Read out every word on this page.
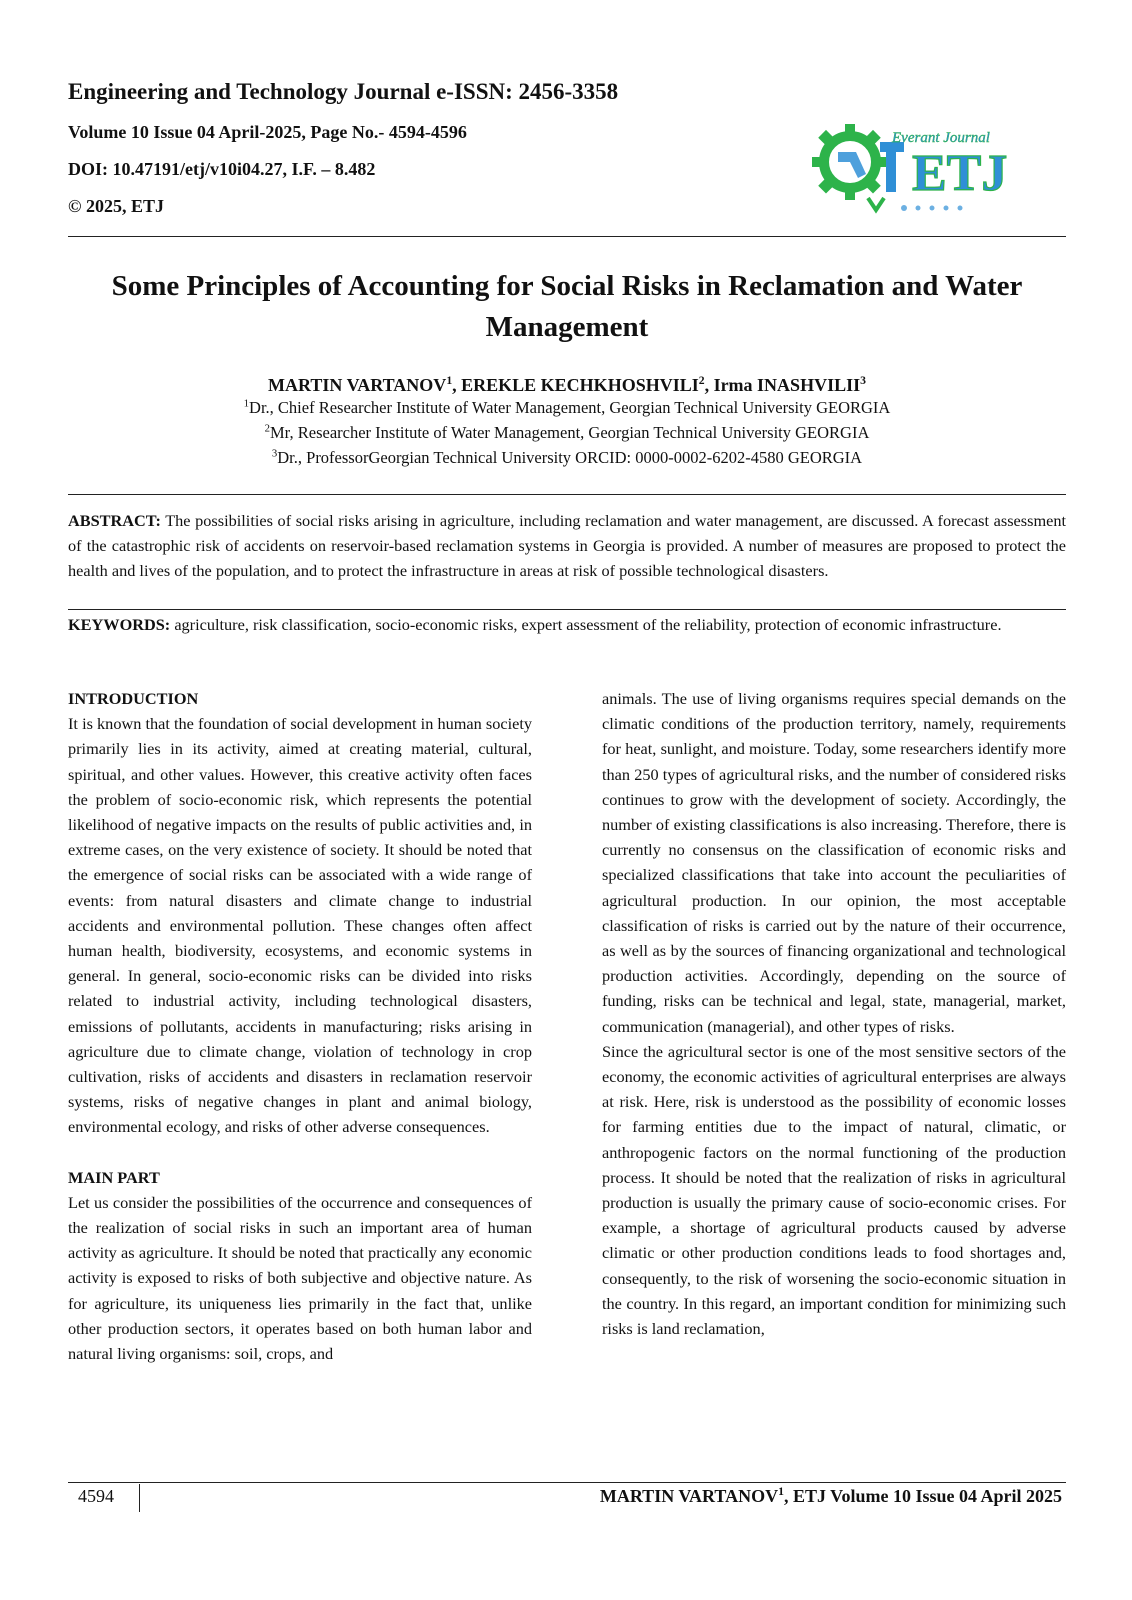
Engineering and Technology Journal e-ISSN: 2456-3358
Volume 10 Issue 04 April-2025, Page No.- 4594-4596
DOI: 10.47191/etj/v10i04.27, I.F. – 8.482
© 2025, ETJ
Everant Journal
ETJ
Some Principles of Accounting for Social Risks in Reclamation and Water
Management
MARTIN VARTANOV$^1$, EREKLE KECHKHOSHVILI$^2$, Irma INASHVILII$^3$
$^1$Dr., Chief Researcher Institute of Water Management, Georgian Technical University GEORGIA
$^2$Mr, Researcher Institute of Water Management, Georgian Technical University GEORGIA
$^3$Dr., ProfessorGeorgian Technical University ORCID: 0000-0002-6202-4580 GEORGIA
ABSTRACT: The possibilities of social risks arising in agriculture, including reclamation and water management, are discussed. A forecast assessment of the catastrophic risk of accidents on reservoir-based reclamation systems in Georgia is provided. A number of measures are proposed to protect the health and lives of the population, and to protect the infrastructure in areas at risk of possible technological disasters.
KEYWORDS: agriculture, risk classification, socio-economic risks, expert assessment of the reliability, protection of economic infrastructure.

INTRODUCTION

It is known that the foundation of social development in human society primarily lies in its activity, aimed at creating material, cultural, spiritual, and other values. However, this creative activity often faces the problem of socio-economic risk, which represents the potential likelihood of negative impacts on the results of public activities and, in extreme cases, on the very existence of society. It should be noted that the emergence of social risks can be associated with a wide range of events: from natural disasters and climate change to industrial accidents and environmental pollution. These changes often affect human health, biodiversity, ecosystems, and economic systems in general. In general, socio-economic risks can be divided into risks related to industrial activity, including technological disasters, emissions of pollutants, accidents in manufacturing; risks arising in agriculture due to climate change, violation of technology in crop cultivation, risks of accidents and disasters in reclamation reservoir systems, risks of negative changes in plant and animal biology, environmental ecology, and risks of other adverse consequences.

MAIN PART

Let us consider the possibilities of the occurrence and consequences of the realization of social risks in such an important area of human activity as agriculture. It should be noted that practically any economic activity is exposed to risks of both subjective and objective nature. As for agriculture, its uniqueness lies primarily in the fact that, unlike other production sectors, it operates based on both human labor and natural living organisms: soil, crops, and

animals. The use of living organisms requires special demands on the climatic conditions of the production territory, namely, requirements for heat, sunlight, and moisture. Today, some researchers identify more than 250 types of agricultural risks, and the number of considered risks continues to grow with the development of society. Accordingly, the number of existing classifications is also increasing. Therefore, there is currently no consensus on the classification of economic risks and specialized classifications that take into account the peculiarities of agricultural production. In our opinion, the most acceptable classification of risks is carried out by the nature of their occurrence, as well as by the sources of financing organizational and technological production activities. Accordingly, depending on the source of funding, risks can be technical and legal, state, managerial, market, communication (managerial), and other types of risks.

Since the agricultural sector is one of the most sensitive sectors of the economy, the economic activities of agricultural enterprises are always at risk. Here, risk is understood as the possibility of economic losses for farming entities due to the impact of natural, climatic, or anthropogenic factors on the normal functioning of the production process. It should be noted that the realization of risks in agricultural production is usually the primary cause of socio-economic crises. For example, a shortage of agricultural products caused by adverse climatic or other production conditions leads to food shortages and, consequently, to the risk of worsening the socio-economic situation in the country. In this regard, an important condition for minimizing such risks is land reclamation,

4594	MARTIN VARTANOV$^1$, ETJ Volume 10 Issue 04 April 2025
